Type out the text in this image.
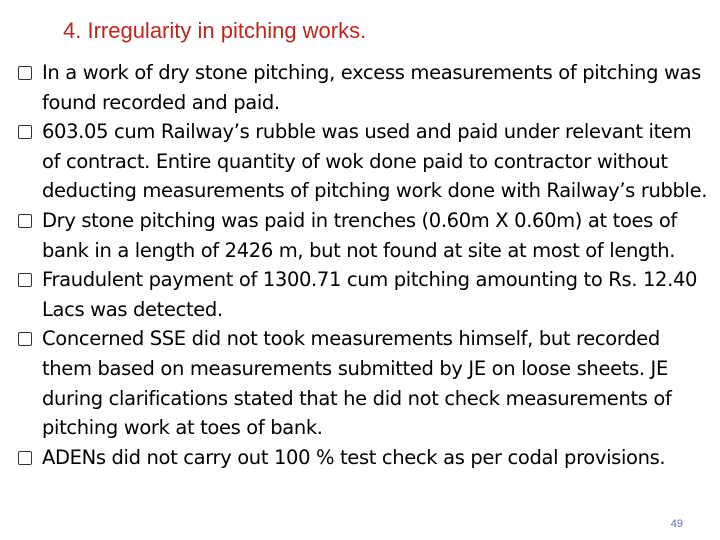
4. Irregularity in pitching works.
In a work of dry stone pitching, excess measurements of pitching was found recorded and paid.
603.05 cum Railway’s rubble was used and paid under relevant item of contract. Entire quantity of wok done paid to contractor without deducting measurements of pitching work done with Railway’s rubble.
Dry stone pitching was paid in trenches (0.60m X 0.60m) at toes of bank in a length of 2426 m, but not found at site at most of length.
Fraudulent payment of 1300.71 cum pitching amounting to Rs. 12.40 Lacs was detected.
Concerned SSE did not took measurements himself, but recorded them based on measurements submitted by JE on loose sheets. JE during clarifications stated that he did not check measurements of pitching work at toes of bank.
ADENs did not carry out 100 % test check as per codal provisions.
49
